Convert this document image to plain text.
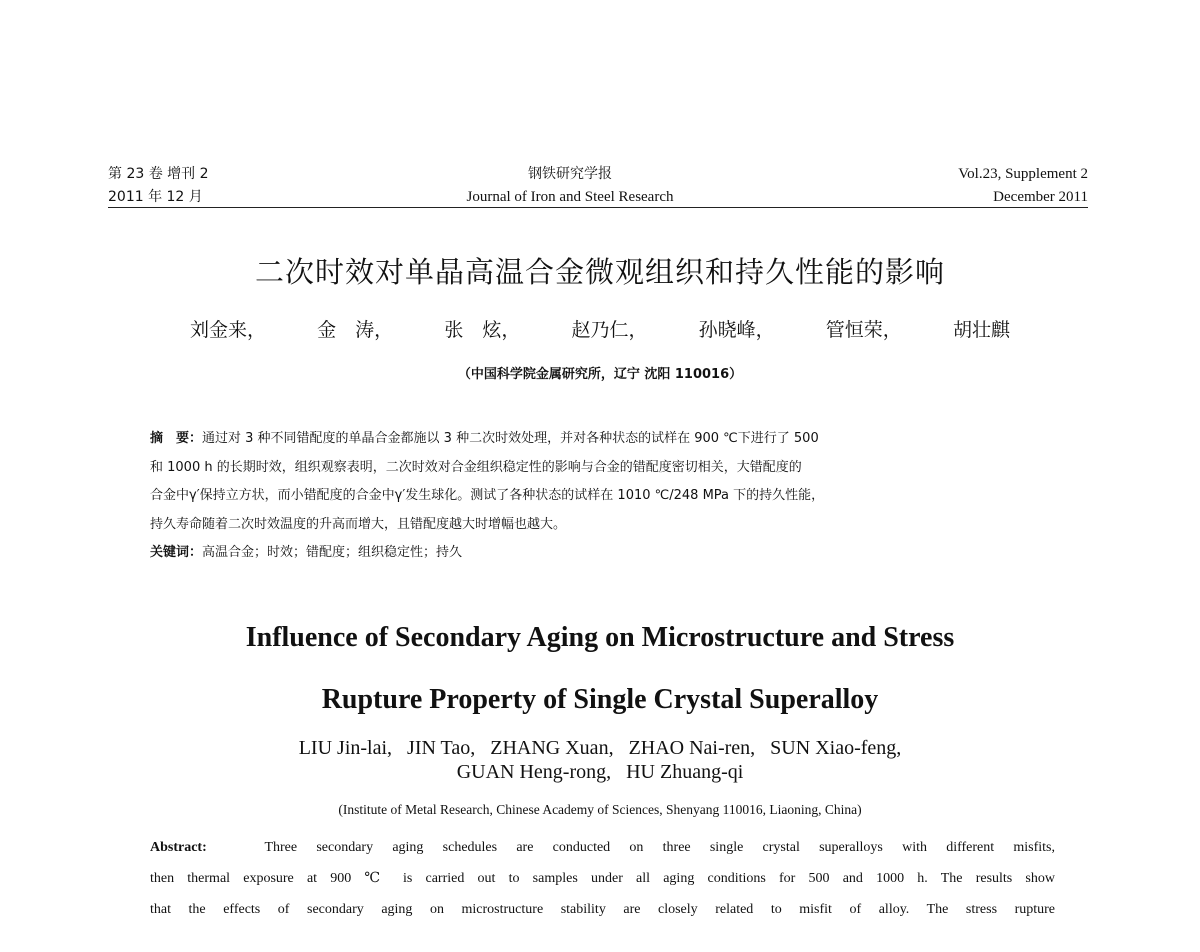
第 23 卷 增刊 2
2011 年 12 月
钢铁研究学报
Journal of Iron and Steel Research
Vol.23, Supplement 2
December 2011
二次时效对单晶高温合金微观组织和持久性能的影响
刘金来，	金　涛，	张　炫，	赵乃仁，	孙晓峰，	管恒荣，	胡壮麒
（中国科学院金属研究所，辽宁 沈阳 110016）
摘　要：通过对 3 种不同错配度的单晶合金都施以 3 种二次时效处理，并对各种状态的试样在 900 ℃下进行了 500
和 1000 h 的长期时效，组织观察表明，二次时效对合金组织稳定性的影响与合金的错配度密切相关，大错配度的
合金中γ′保持立方状，而小错配度的合金中γ′发生球化。测试了各种状态的试样在 1010 ℃/248 MPa 下的持久性能，
持久寿命随着二次时效温度的升高而增大，且错配度越大时增幅也越大。
关键词：高温合金；时效；错配度；组织稳定性；持久
Influence of Secondary Aging on Microstructure and Stress
Rupture Property of Single Crystal Superalloy
LIU Jin-lai,   JIN Tao,   ZHANG Xuan,   ZHAO Nai-ren,   SUN Xiao-feng,
GUAN Heng-rong,   HU Zhuang-qi
(Institute of Metal Research, Chinese Academy of Sciences, Shenyang 110016, Liaoning, China)
Abstract:	Three secondary aging schedules are conducted on three single crystal superalloys with different misfits,
then thermal exposure at 900 ℃ is carried out to samples under all aging conditions for 500 and 1000 h. The results show
that the effects of secondary aging on microstructure stability are closely related to misfit of alloy. The stress rupture
